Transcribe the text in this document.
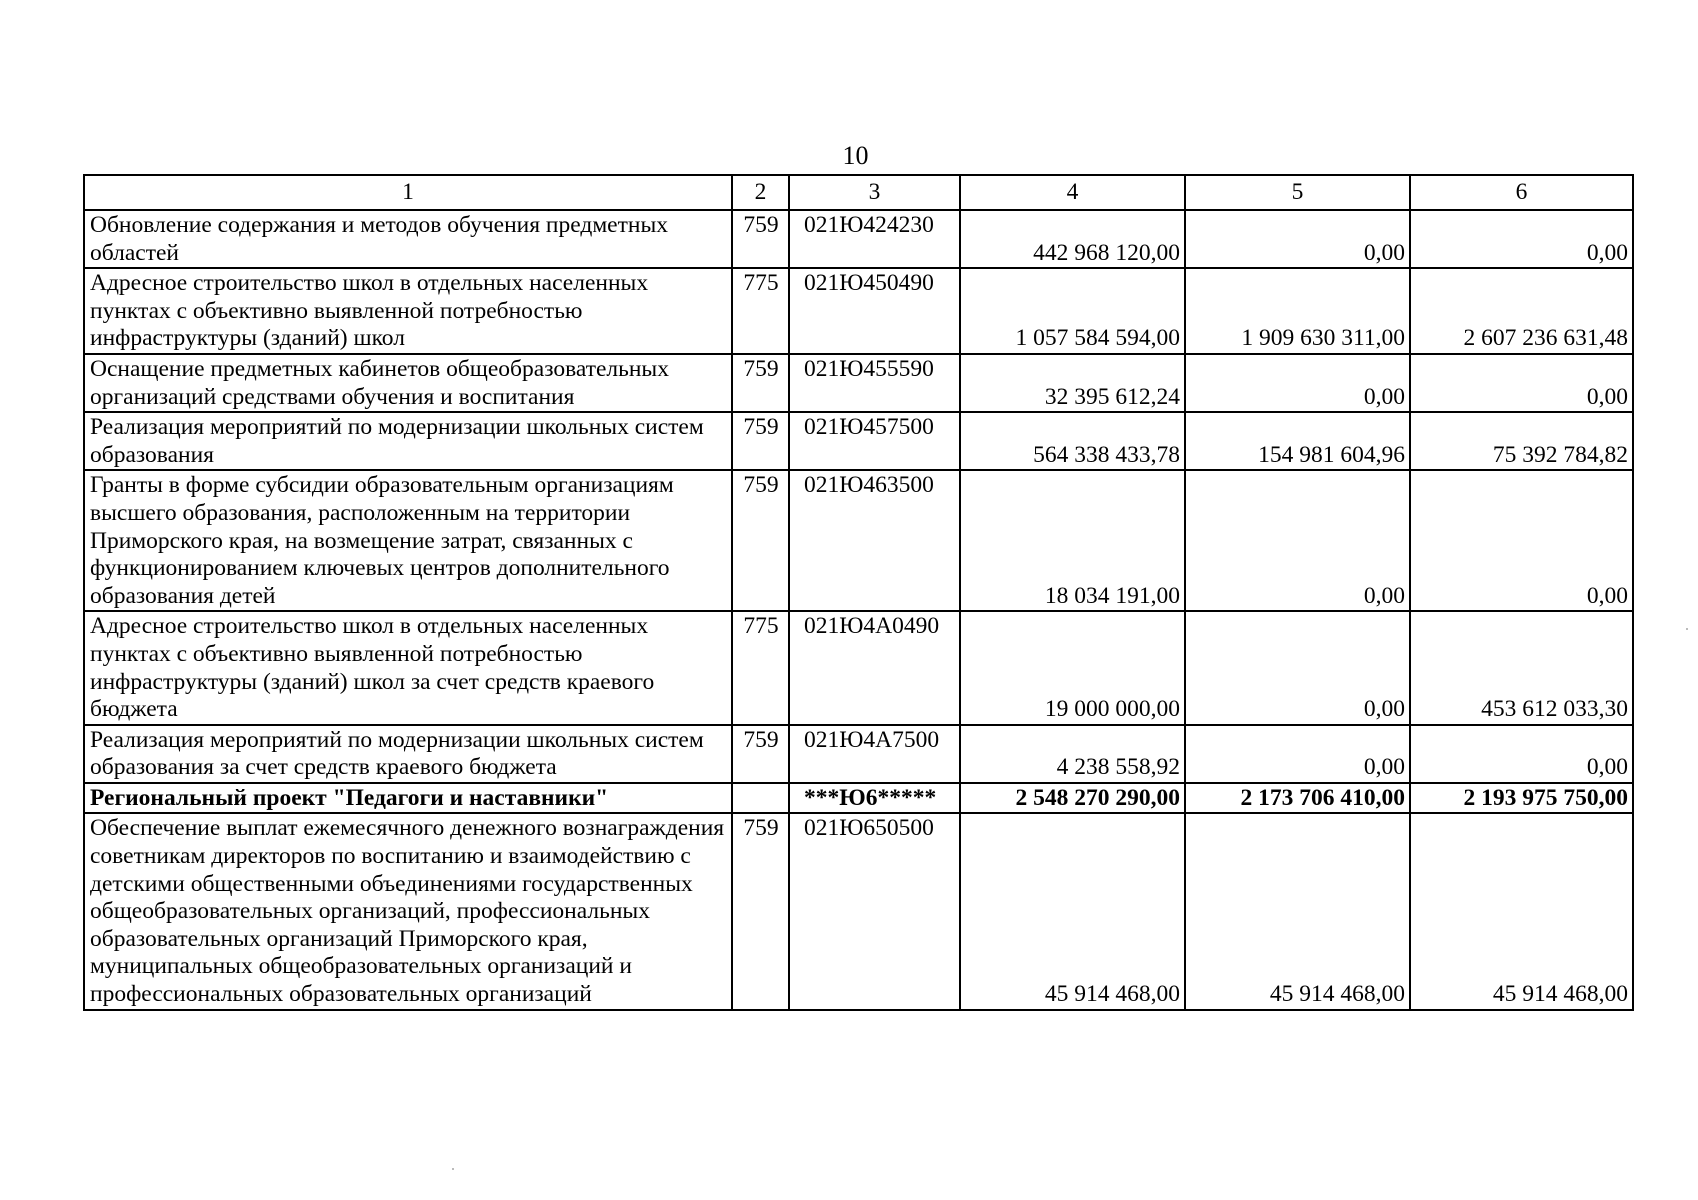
10
1	2	3	4	5	6
Обновление содержания и методов обучения предметных областей	759	021Ю424230	442 968 120,00	0,00	0,00
Адресное строительство школ в отдельных населенных пунктах с объективно выявленной потребностью инфраструктуры (зданий) школ	775	021Ю450490	1 057 584 594,00	1 909 630 311,00	2 607 236 631,48
Оснащение предметных кабинетов общеобразовательных организаций средствами обучения и воспитания	759	021Ю455590	32 395 612,24	0,00	0,00
Реализация мероприятий по модернизации школьных систем образования	759	021Ю457500	564 338 433,78	154 981 604,96	75 392 784,82
Гранты в форме субсидии образовательным организациям высшего образования, расположенным на территории Приморского края, на возмещение затрат, связанных с функционированием ключевых центров дополнительного образования детей	759	021Ю463500	18 034 191,00	0,00	0,00
Адресное строительство школ в отдельных населенных пунктах с объективно выявленной потребностью инфраструктуры (зданий) школ за счет средств краевого бюджета	775	021Ю4А0490	19 000 000,00	0,00	453 612 033,30
Реализация мероприятий по модернизации школьных систем образования за счет средств краевого бюджета	759	021Ю4А7500	4 238 558,92	0,00	0,00
Региональный проект "Педагоги и наставники"		***Ю6*****	2 548 270 290,00	2 173 706 410,00	2 193 975 750,00
Обеспечение выплат ежемесячного денежного вознаграждения советникам директоров по воспитанию и взаимодействию с детскими общественными объединениями государственных общеобразовательных организаций, профессиональных образовательных организаций Приморского края, муниципальных общеобразовательных организаций и профессиональных образовательных организаций	759	021Ю650500	45 914 468,00	45 914 468,00	45 914 468,00
